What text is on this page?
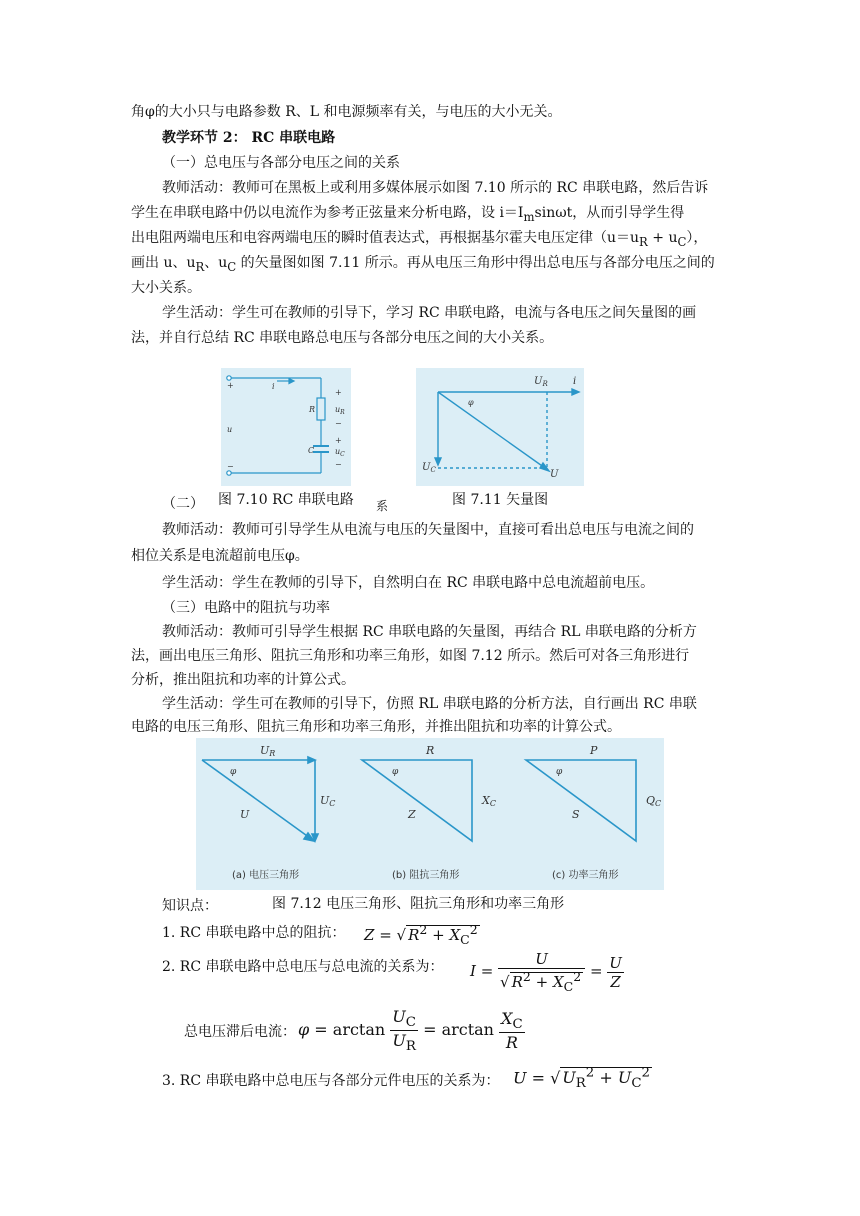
角φ的大小只与电路参数 R、L 和电源频率有关，与电压的大小无关。
教学环节 2： RC 串联电路
（一）总电压与各部分电压之间的关系
教师活动：教师可在黑板上或利用多媒体展示如图 7.10 所示的 RC 串联电路，然后告诉
学生在串联电路中仍以电流作为参考正弦量来分析电路，设 $i=I_m\sin\omega t$，从而引导学生得
出电阻两端电压和电容两端电压的瞬时值表达式，再根据基尔霍夫电压定律$(u=u_R + u_C)$，
画出 u、$u_R$、$u_C$ 的矢量图如图 7.11 所示。再从电压三角形中得出总电压与各部分电压之间的
大小关系。
学生活动：学生可在教师的引导下，学习 RC 串联电路，电流与各电压之间矢量图的画
法，并自行总结 RC 串联电路总电压与各部分电压之间的大小关系。
+
u
−
i
R
C
+
$u_R$
−
+
$u_C$
−
$U_R$	i
φ
$U_C$	U
（二） 图 7.10 RC 串联电路 系	图 7.11 矢量图
教师活动：教师可引导学生从电流与电压的矢量图中，直接可看出总电压与电流之间的
相位关系是电流超前电压φ。
学生活动：学生在教师的引导下，自然明白在 RC 串联电路中总电流超前电压。
（三）电路中的阻抗与功率
教师活动：教师可引导学生根据 RC 串联电路的矢量图，再结合 RL 串联电路的分析方
法，画出电压三角形、阻抗三角形和功率三角形，如图 7.12 所示。然后可对各三角形进行
分析，推出阻抗和功率的计算公式。
学生活动：学生可在教师的引导下，仿照 RL 串联电路的分析方法，自行画出 RC 串联
电路的电压三角形、阻抗三角形和功率三角形，并推出阻抗和功率的计算公式。
UR
UC
U
φ
R
XC
Z
φ
P
QC
S
φ
(a) 电压三角形	(b) 阻抗三角形	(c) 功率三角形
知识点：	图 7.12 电压三角形、阻抗三角形和功率三角形
1. RC 串联电路中总的阻抗： Z = √ $R^2 + X_C^2$
2. RC 串联电路中总电压与总电流的关系为： $I = \frac{U}{√ R^2 + X_C^2} = \frac{U}{Z}$
总电压滞后电流： $\varphi = \arctan \frac{U_C}{U_R} = \arctan \frac{X_C}{R}$
3. RC 串联电路中总电压与各部分元件电压的关系为： U = √ $U_R^2 + U_C^2$
